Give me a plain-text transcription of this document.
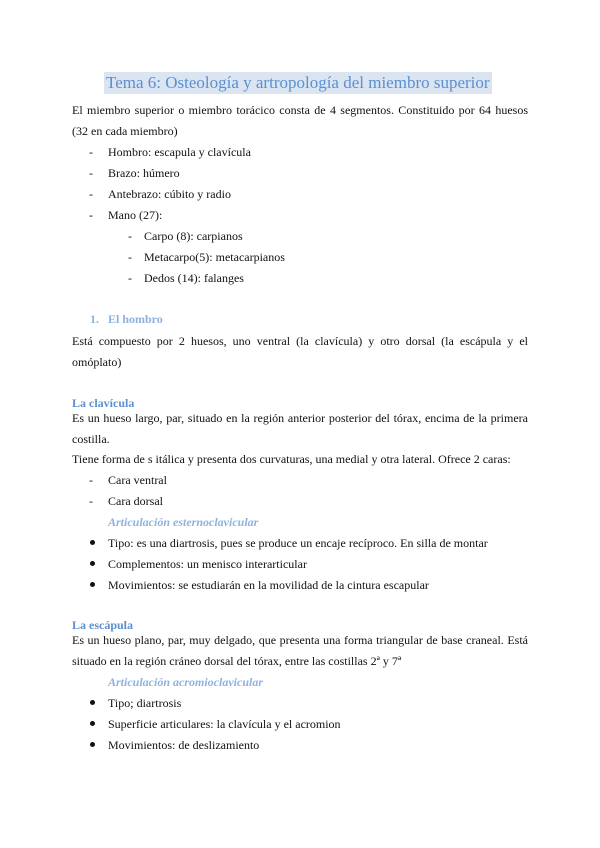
Tema 6: Osteología y artropología del miembro superior
El miembro superior o miembro torácico consta de 4 segmentos. Constituido por 64 huesos
(32 en cada miembro)
- Hombro: escapula y clavícula
- Brazo: húmero
- Antebrazo: cúbito y radio
- Mano (27):
- Carpo (8): carpianos
- Metacarpo(5): metacarpianos
- Dedos (14): falanges
1. El hombro
Está compuesto por 2 huesos, uno ventral (la clavícula) y otro dorsal (la escápula y el
omóplato)
La clavícula
Es un hueso largo, par, situado en la región anterior posterior del tórax, encima de la primera
costilla.
Tiene forma de s itálica y presenta dos curvaturas, una medial y otra lateral. Ofrece 2 caras:
- Cara ventral
- Cara dorsal
Articulación esternoclavicular
Tipo: es una diartrosis, pues se produce un encaje recíproco. En silla de montar
Complementos: un menisco interarticular
Movimientos: se estudiarán en la movilidad de la cintura escapular
La escápula
Es un hueso plano, par, muy delgado, que presenta una forma triangular de base craneal. Está
situado en la región cráneo dorsal del tórax, entre las costillas 2ª y 7ª
Articulación acromioclavicular
Tipo; diartrosis
Superficie articulares: la clavícula y el acromion
Movimientos: de deslizamiento
